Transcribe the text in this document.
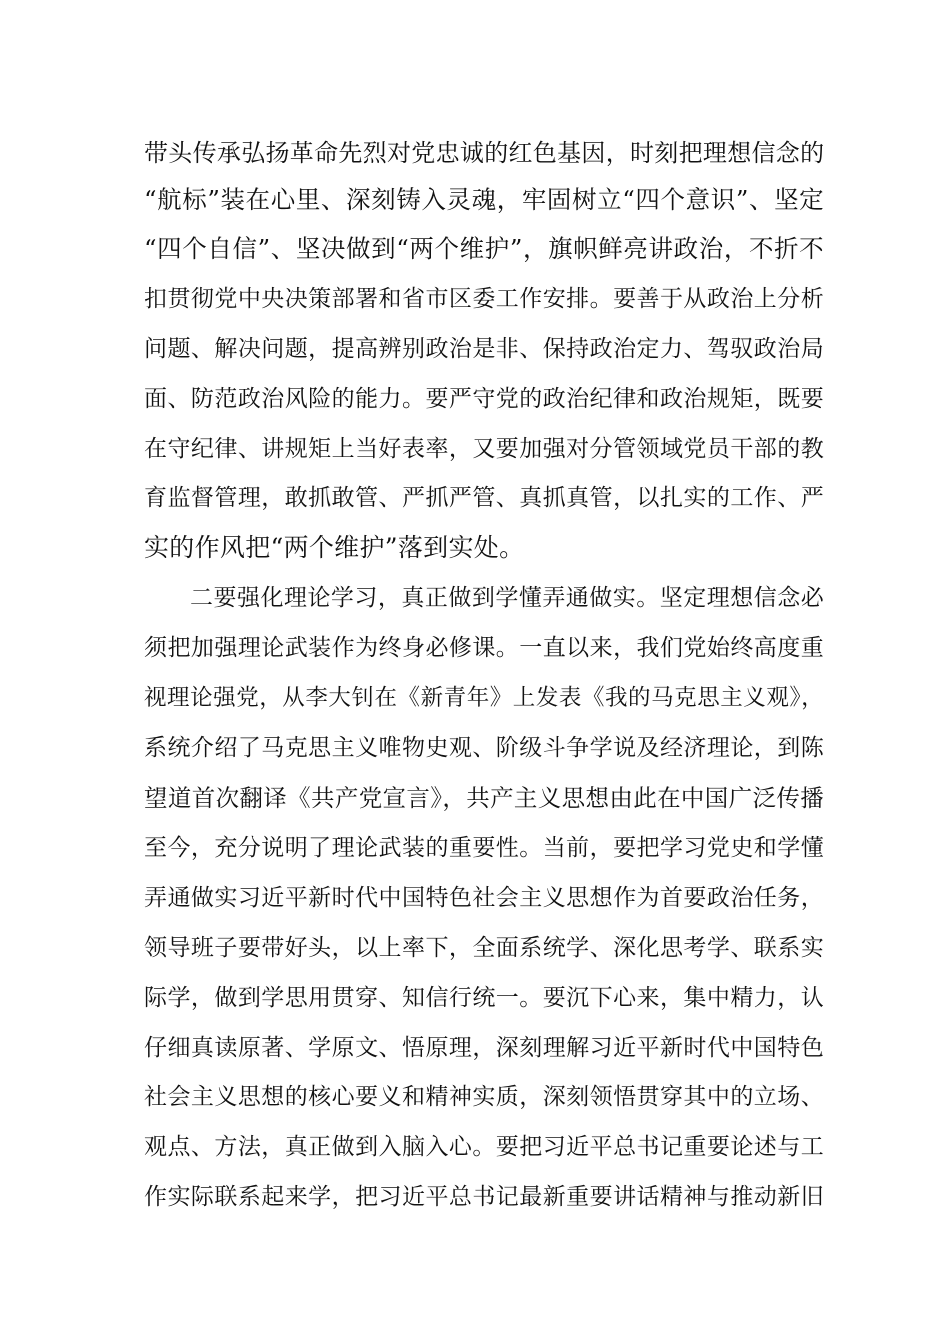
带头传承弘扬革命先烈对党忠诚的红色基因，时刻把理想信念的
“航标”装在心里、深刻铸入灵魂，牢固树立“四个意识”、坚定
“四个自信”、坚决做到“两个维护”，旗帜鲜亮讲政治，不折不
扣贯彻党中央决策部署和省市区委工作安排。要善于从政治上分析
问题、解决问题，提高辨别政治是非、保持政治定力、驾驭政治局
面、防范政治风险的能力。要严守党的政治纪律和政治规矩，既要
在守纪律、讲规矩上当好表率，又要加强对分管领域党员干部的教
育监督管理，敢抓敢管、严抓严管、真抓真管，以扎实的工作、严
实的作风把“两个维护”落到实处。
二要强化理论学习，真正做到学懂弄通做实。坚定理想信念必
须把加强理论武装作为终身必修课。一直以来，我们党始终高度重
视理论强党，从李大钊在《新青年》上发表《我的马克思主义观》，
系统介绍了马克思主义唯物史观、阶级斗争学说及经济理论，到陈
望道首次翻译《共产党宣言》，共产主义思想由此在中国广泛传播
至今，充分说明了理论武装的重要性。当前，要把学习党史和学懂
弄通做实习近平新时代中国特色社会主义思想作为首要政治任务，
领导班子要带好头，以上率下，全面系统学、深化思考学、联系实
际学，做到学思用贯穿、知信行统一。要沉下心来，集中精力，认
仔细真读原著、学原文、悟原理，深刻理解习近平新时代中国特色
社会主义思想的核心要义和精神实质，深刻领悟贯穿其中的立场、
观点、方法，真正做到入脑入心。要把习近平总书记重要论述与工
作实际联系起来学，把习近平总书记最新重要讲话精神与推动新旧
